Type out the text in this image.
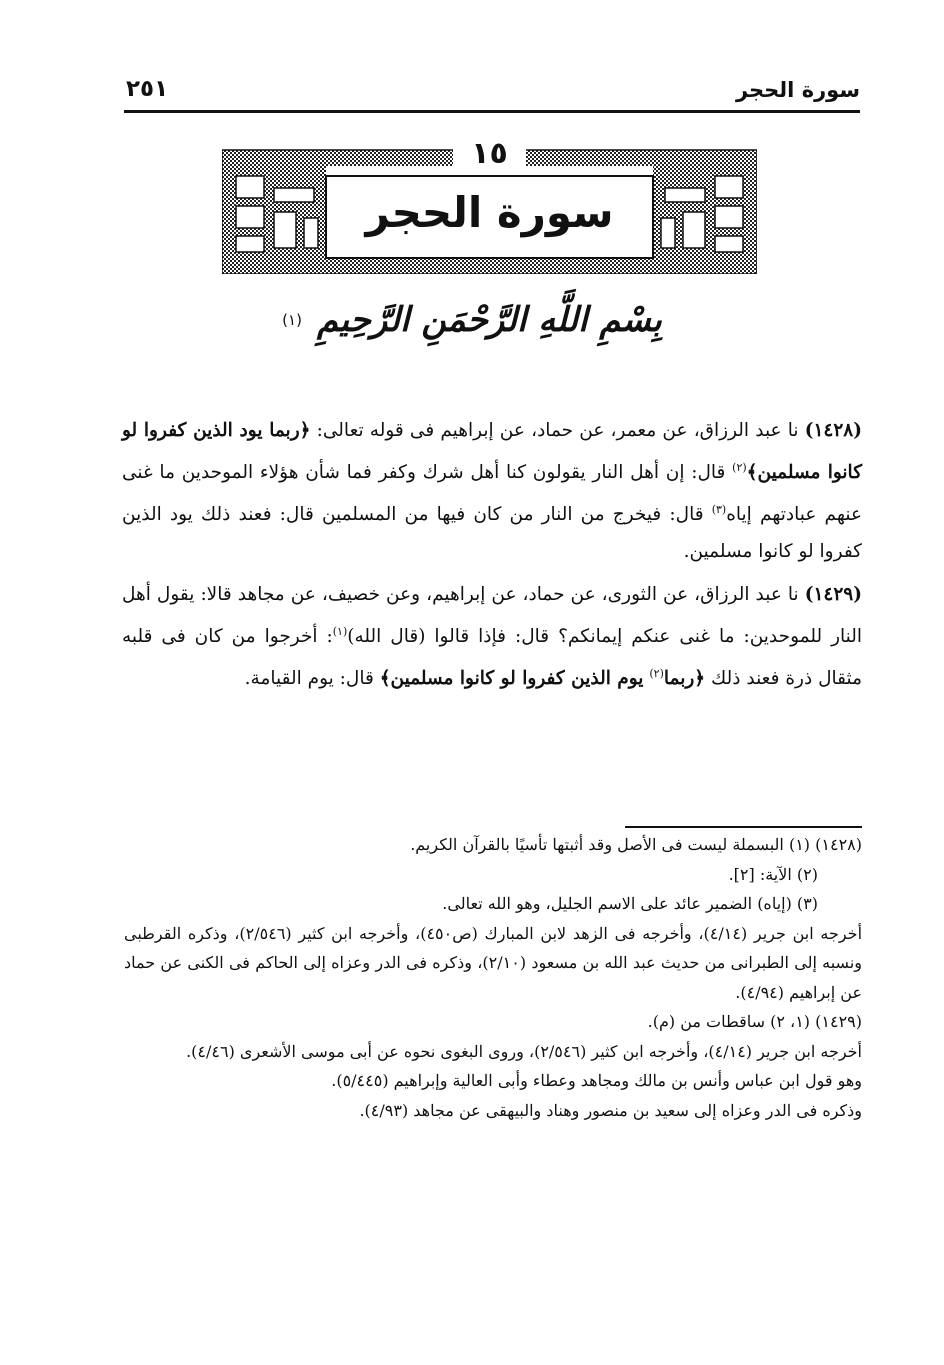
سورة الحجر
٢٥١
١٥
سورة الحجر
بِسْمِ اللَّهِ الرَّحْمَنِ الرَّحِيمِ (١)

(١٤٢٨) نا عبد الرزاق، عن معمر، عن حماد، عن إبراهيم فى قوله تعالى: ﴿ربما يود الذين كفروا لو كانوا مسلمين﴾$^{(٢)}$ قال: إن أهل النار يقولون كنا أهل شرك وكفر فما شأن هؤلاء الموحدين ما غنى عنهم عبادتهم إياه$^{(٣)}$ قال: فيخرج من النار من كان فيها من المسلمين قال: فعند ذلك يود الذين كفروا لو كانوا مسلمين.

(١٤٢٩) نا عبد الرزاق، عن الثورى، عن حماد، عن إبراهيم، وعن خصيف، عن مجاهد قالا: يقول أهل النار للموحدين: ما غنى عنكم إيمانكم؟ قال: فإذا قالوا (قال الله)$^{(١)}$: أخرجوا من كان فى قلبه مثقال ذرة فعند ذلك ﴿ربما$^{(٢)}$ يوم الذين كفروا لو كانوا مسلمين﴾ قال: يوم القيامة.

(١٤٢٨) (١) البسملة ليست فى الأصل وقد أثبتها تأسيًا بالقرآن الكريم.

(٢) الآية: [٢].

(٣) (إياه) الضمير عائد على الاسم الجليل، وهو الله تعالى.

أخرجه ابن جرير (٤/١٤)، وأخرجه فى الزهد لابن المبارك (ص٤٥٠)، وأخرجه ابن كثير (٢/٥٤٦)، وذكره القرطبى ونسبه إلى الطبرانى من حديث عبد الله بن مسعود (٢/١٠)، وذكره فى الدر وعزاه إلى الحاكم فى الكنى عن حماد عن إبراهيم (٤/٩٤).

(١٤٢٩) (١، ٢) ساقطات من (م).

أخرجه ابن جرير (٤/١٤)، وأخرجه ابن كثير (٢/٥٤٦)، وروى البغوى نحوه عن أبى موسى الأشعرى (٤/٤٦).

وهو قول ابن عباس وأنس بن مالك ومجاهد وعطاء وأبى العالية وإبراهيم (٥/٤٤٥).

وذكره فى الدر وعزاه إلى سعيد بن منصور وهناد والبيهقى عن مجاهد (٤/٩٣).
